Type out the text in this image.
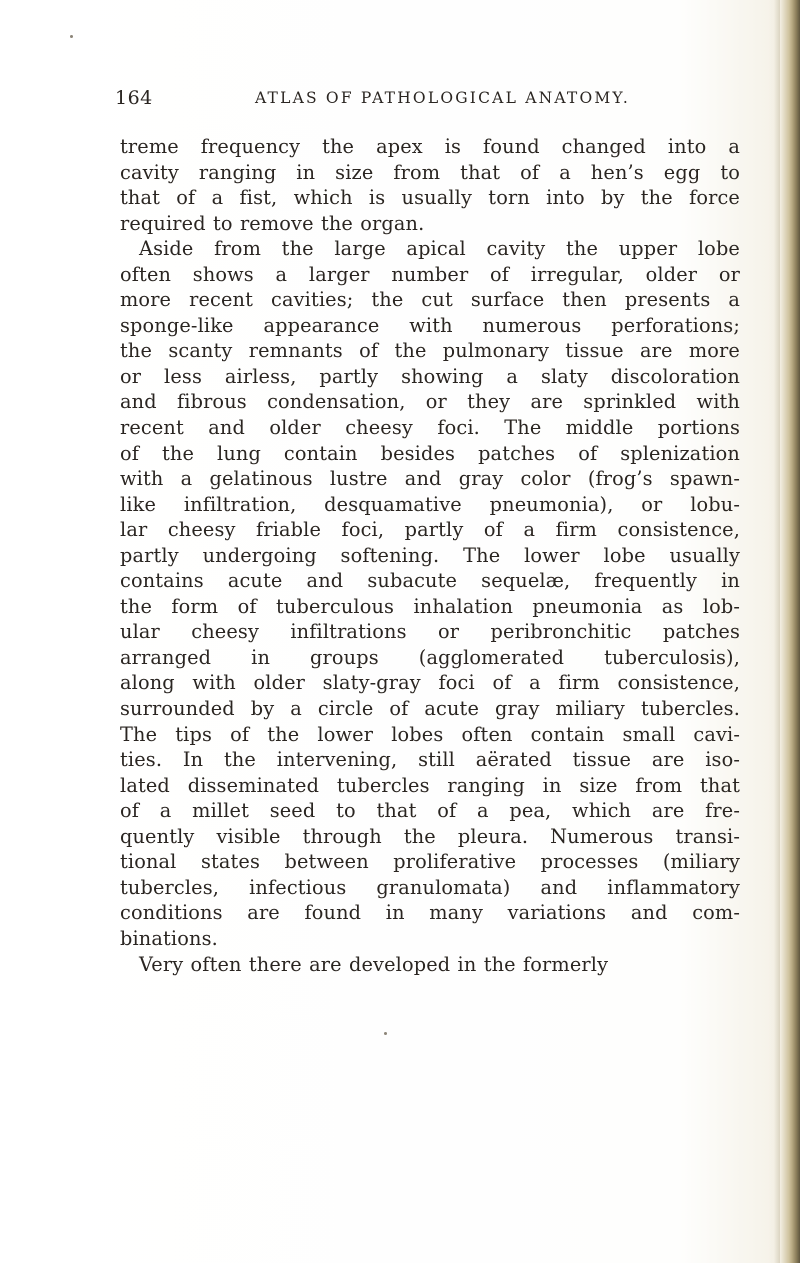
164	ATLAS OF PATHOLOGICAL ANATOMY.
treme frequency the apex is found changed into a
cavity ranging in size from that of a hen’s egg to
that of a fist, which is usually torn into by the force
required to remove the organ.
Aside from the large apical cavity the upper lobe
often shows a larger number of irregular, older or
more recent cavities; the cut surface then presents a
sponge-like appearance with numerous perforations;
the scanty remnants of the pulmonary tissue are more
or less airless, partly showing a slaty discoloration
and fibrous condensation, or they are sprinkled with
recent and older cheesy foci. The middle portions
of the lung contain besides patches of splenization
with a gelatinous lustre and gray color (frog’s spawn-
like infiltration, desquamative pneumonia), or lobu-
lar cheesy friable foci, partly of a firm consistence,
partly undergoing softening. The lower lobe usually
contains acute and subacute sequelæ, frequently in
the form of tuberculous inhalation pneumonia as lob-
ular cheesy infiltrations or peribronchitic patches
arranged in groups (agglomerated tuberculosis),
along with older slaty-gray foci of a firm consistence,
surrounded by a circle of acute gray miliary tubercles.
The tips of the lower lobes often contain small cavi-
ties. In the intervening, still aërated tissue are iso-
lated disseminated tubercles ranging in size from that
of a millet seed to that of a pea, which are fre-
quently visible through the pleura. Numerous transi-
tional states between proliferative processes (miliary
tubercles, infectious granulomata) and inflammatory
conditions are found in many variations and com-
binations.
Very often there are developed in the formerly
